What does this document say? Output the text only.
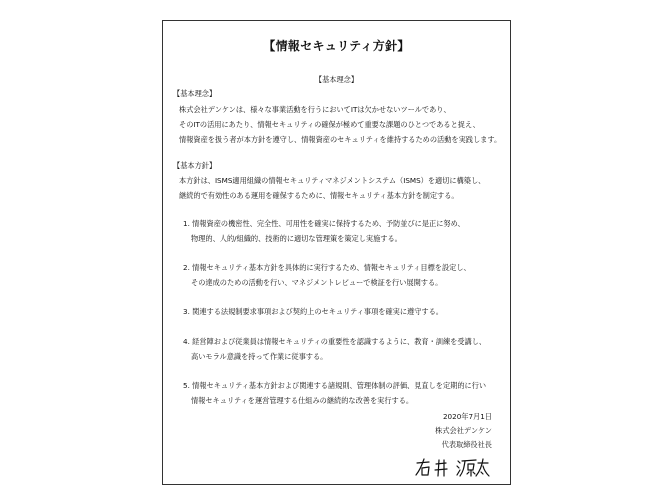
【情報セキュリティ方針】
【基本理念】
【基本理念】
株式会社デンケンは、様々な事業活動を行うにおいてITは欠かせないツールであり、
そのITの活用にあたり、情報セキュリティの確保が極めて重要な課題のひとつであると捉え、
情報資産を扱う者が本方針を遵守し、情報資産のセキュリティを維持するための活動を実践します。
【基本方針】
本方針は、ISMS適用組織の情報セキュリティマネジメントシステム（ISMS）を適切に構築し、
継続的で有効性のある運用を確保するために、情報セキュリティ基本方針を制定する。
1. 情報資産の機密性、完全性、可用性を確実に保持するため、予防並びに是正に努め、
物理的、人的/組織的、技術的に適切な管理策を策定し実施する。
2. 情報セキュリティ基本方針を具体的に実行するため、情報セキュリティ目標を設定し、
その達成のための活動を行い、マネジメントレビューで検証を行い展開する。
3. 関連する法規制要求事項および契約上のセキュリティ事項を確実に遵守する。
4. 経営陣および従業員は情報セキュリティの重要性を認識するように、教育・訓練を受講し、
高いモラル意識を持って作業に従事する。
5. 情報セキュリティ基本方針および関連する諸規則、管理体制の評価、見直しを定期的に行い
情報セキュリティを運営管理する仕組みの継続的な改善を実行する。
2020年7月1日
株式会社デンケン
代表取締役社長
